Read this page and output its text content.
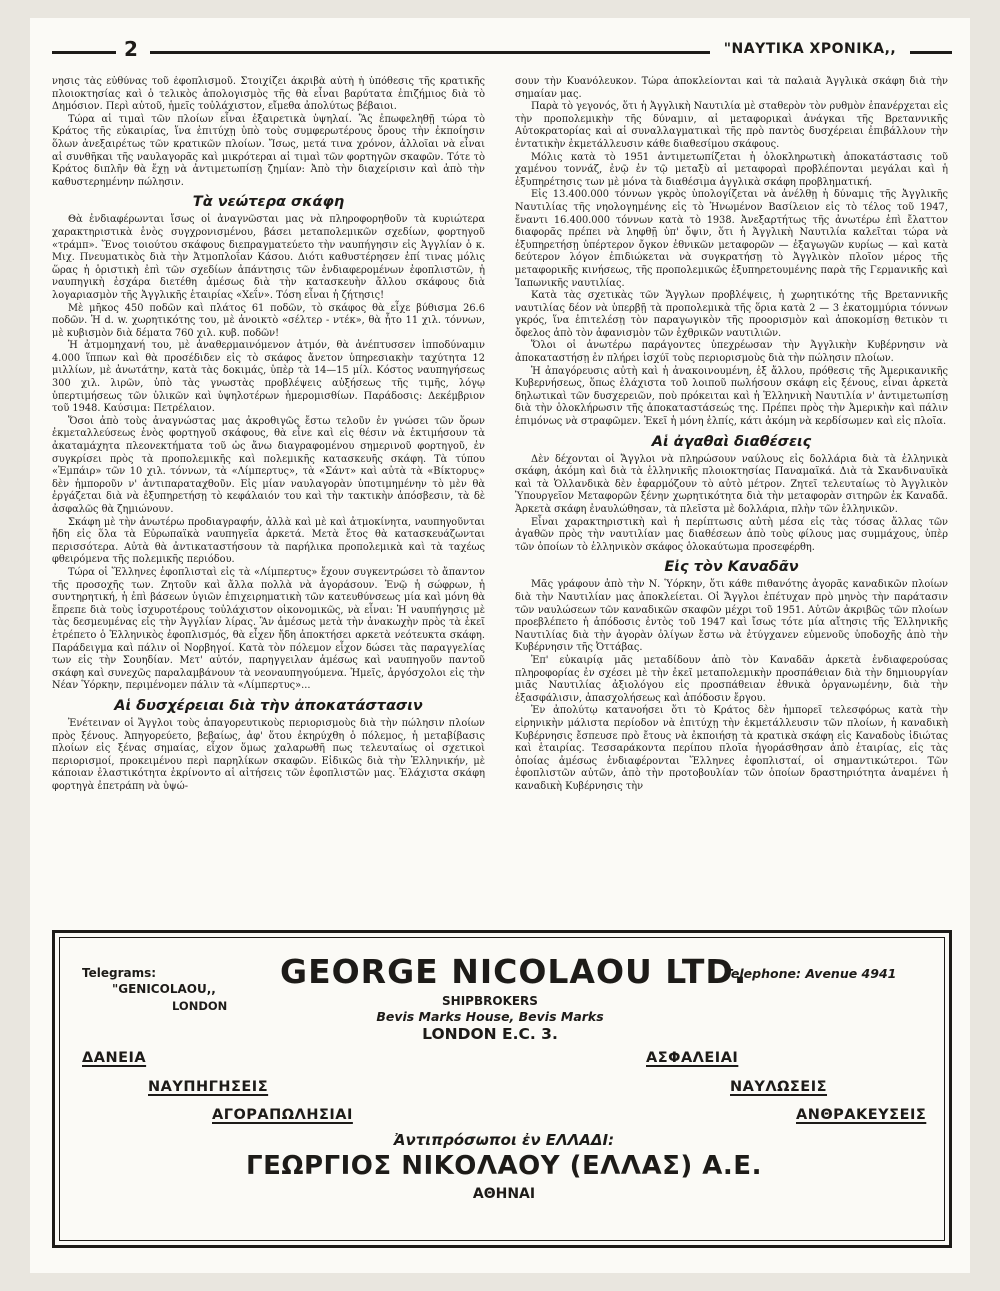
2	"ΝΑΥΤΙΚΑ ΧΡΟΝΙΚΑ,,

νησις τὰς εὐθύνας τοῦ ἐφοπλισμοῦ. Στοιχίζει ἀκριβὰ αὐτὴ ἡ ὑπόθεσις τῆς κρατικῆς πλοιοκτησίας καὶ ὁ τελικὸς ἀπολογισμὸς τῆς θὰ εἶναι βαρύτατα ἐπιζήμιος διὰ τὸ Δημόσιον. Περὶ αὐτοῦ, ἡμεῖς τοὐλάχιστον, εἴμεθα ἀπολύτως βέβαιοι.

Τώρα αἱ τιμαὶ τῶν πλοίων εἶναι ἐξαιρετικὰ ὑψηλαί. Ἂς ἐπωφεληθῇ τώρα τὸ Κράτος τῆς εὐκαιρίας, ἵνα ἐπιτύχῃ ὑπὸ τοὺς συμφερωτέρους ὅρους τὴν ἐκποίησιν ὅλων ἀνεξαιρέτως τῶν κρατικῶν πλοίων. Ἴσως, μετά τινα χρόνον, ἀλλοῖαι νὰ εἶναι αἱ συνθῆκαι τῆς ναυλαγορᾶς καὶ μικρότεραι αἱ τιμαὶ τῶν φορτηγῶν σκαφῶν. Τότε τὸ Κράτος διπλῆν θὰ ἔχῃ νὰ ἀντιμετωπίσῃ ζημίαν: Ἀπὸ τὴν διαχείρισιν καὶ ἀπὸ τὴν καθυστερημένην πώλησιν.

Τὰ νεώτερα σκάφη

Θὰ ἐνδιαφέρωνται ἴσως οἱ ἀναγνῶσται μας νὰ πληροφορηθοῦν τὰ κυριώτερα χαρακτηριστικὰ ἑνὸς συγχρονισμένου, βάσει μεταπολεμικῶν σχεδίων, φορτηγοῦ «τράμπ». Ἕνος τοιούτου σκάφους διεπραγματεύετο τὴν ναυπήγησιν εἰς Ἀγγλίαν ὁ κ. Μιχ. Πνευματικὸς διὰ τὴν Ἀτμοπλοΐαν Κάσου. Διότι καθυστέρησεν ἐπί τινας μόλις ὥρας ἡ ὁριστικὴ ἐπὶ τῶν σχεδίων ἀπάντησις τῶν ἐνδιαφερομένων ἐφοπλιστῶν, ἡ ναυπηγικὴ ἐσχάρα διετέθη ἀμέσως διὰ τὴν κατασκευὴν ἄλλου σκάφους διὰ λογαριασμὸν τῆς Ἀγγλικῆς ἑταιρίας «Χεΐν». Τόση εἶναι ἡ ζήτησις!

Μὲ μῆκος 450 ποδῶν καὶ πλάτος 61 ποδῶν, τὸ σκάφος θὰ εἶχε βύθισμα 26.6 ποδῶν. Ἡ d. w. χωρητικότης του, μὲ ἀνοικτὸ «σέλτερ - ντέκ», θὰ ἦτο 11 χιλ. τόννων, μὲ κυβισμὸν διὰ δέματα 760 χιλ. κυβ. ποδῶν!

Ἡ ἀτμομηχανή του, μὲ ἀναθερμαινόμενον ἀτμόν, θὰ ἀνέπτυσσεν ἱπποδύναμιν 4.000 ἵππων καὶ θὰ προσέδιδεν εἰς τὸ σκάφος ἄνετον ὑπηρεσιακὴν ταχύτητα 12 μιλλίων, μὲ ἀνωτάτην, κατὰ τὰς δοκιμάς, ὑπὲρ τὰ 14—15 μίλ. Κόστος ναυπηγήσεως 300 χιλ. λιρῶν, ὑπὸ τὰς γνωστὰς προβλέψεις αὐξήσεως τῆς τιμῆς, λόγῳ ὑπερτιμήσεως τῶν ὑλικῶν καὶ ὑψηλοτέρων ἡμερομισθίων. Παράδοσις: Δεκέμβριον τοῦ 1948. Καύσιμα: Πετρέλαιον.

Ὅσοι ἀπὸ τοὺς ἀναγνώστας μας ἀκροθιγῶς ἔστω τελοῦν ἐν γνώσει τῶν ὅρων ἐκμεταλλεύσεως ἑνὸς φορτηγοῦ σκάφους, θὰ εἶνε καὶ εἰς θέσιν νὰ ἐκτιμήσουν τὰ ἀκαταμάχητα πλεονεκτήματα τοῦ ὡς ἄνω διαγραφομένου σημερινοῦ φορτηγοῦ, ἐν συγκρίσει πρὸς τὰ προπολεμικῆς καὶ πολεμικῆς κατασκευῆς σκάφη. Τὰ τύπου «Ἐμπάιρ» τῶν 10 χιλ. τόννων, τὰ «Λίμπερτυς», τὰ «Σάντ» καὶ αὐτὰ τὰ «Βίκτορυς» δὲν ἠμποροῦν ν' ἀντιπαραταχθοῦν. Εἰς μίαν ναυλαγορὰν ὑποτιμημένην τὸ μὲν θὰ ἐργάζεται διὰ νὰ ἐξυπηρετήσῃ τὸ κεφάλαιόν του καὶ τὴν τακτικὴν ἀπόσβεσιν, τὰ δὲ ἀσφαλῶς θὰ ζημιώνουν.

Σκάφη μὲ τὴν ἀνωτέρω προδιαγραφήν, ἀλλὰ καὶ μὲ καὶ ἀτμοκίνητα, ναυπηγοῦνται ἤδη εἰς ὅλα τὰ Εὐρωπαϊκὰ ναυπηγεῖα ἀρκετά. Μετὰ ἔτος θὰ κατασκευάζωνται περισσότερα. Αὐτὰ θὰ ἀντικαταστήσουν τὰ παρήλικα προπολεμικὰ καὶ τὰ ταχέως φθειρόμενα τῆς πολεμικῆς περιόδου.

Τώρα οἱ Ἕλληνες ἐφοπλισταὶ εἰς τὰ «Λίμπερτυς» ἔχουν συγκεντρώσει τὸ ἄπαντον τῆς προσοχῆς των. Ζητοῦν καὶ ἄλλα πολλὰ νὰ ἀγοράσουν. Ἐνῷ ἡ σώφρων, ἡ συντηρητική, ἡ ἐπὶ βάσεων ὑγιῶν ἐπιχειρηματικὴ τῶν κατευθύνσεως μία καὶ μόνη θὰ ἔπρεπε διὰ τοὺς ἰσχυροτέρους τοὐλάχιστον οἰκονομικῶς, νὰ εἶναι: Ἡ ναυπήγησις μὲ τὰς δεσμευμένας εἰς τὴν Ἀγγλίαν λίρας. Ἂν ἀμέσως μετὰ τὴν ἀνακωχὴν πρὸς τὰ ἐκεῖ ἐτρέπετο ὁ Ἑλληνικὸς ἐφοπλισμός, θὰ εἶχεν ἤδη ἀποκτήσει αρκετὰ νεότευκτα σκάφη. Παράδειγμα καὶ πάλιν οἱ Νορβηγοί. Κατὰ τὸν πόλεμον εἶχον δώσει τὰς παραγγελίας των εἰς τὴν Σουηδίαν. Μετ' αὐτόν, παρηγγειλαν ἀμέσως καὶ ναυπηγοῦν παντοῦ σκάφη καὶ συνεχῶς παραλαμβάνουν τὰ νεοναυπηγούμενα. Ἡμεῖς, ἀργόσχολοι εἰς τὴν Νέαν Ὑόρκην, περιμένομεν πάλιν τὰ «Λίμπερτυς»...

Αἱ δυσχέρειαι διὰ τὴν ἀποκατάστασιν

Ἐνέτειναν οἱ Ἄγγλοι τοὺς ἀπαγορευτικοὺς περιορισμοὺς διὰ τὴν πώλησιν πλοίων πρὸς ξένους. Ἀπηγορεύετο, βεβαίως, ἀφ' ὅτου ἐκηρύχθη ὁ πόλεμος, ἡ μεταβίβασις πλοίων εἰς ξένας σημαίας, εἶχον ὅμως χαλαρωθῆ πως τελευταίως οἱ σχετικοὶ περιορισμοί, προκειμένου περὶ παρηλίκων σκαφῶν. Εἰδικῶς διὰ τὴν Ἑλληνικήν, μὲ κάποιαν ἐλαστικότητα ἐκρίνοντο αἱ αἰτήσεις τῶν ἐφοπλιστῶν μας. Ἐλάχιστα σκάφη φορτηγὰ ἐπετράπη νὰ ὑψώ-

σουν τὴν Κυανόλευκον. Τώρα ἀποκλείονται καὶ τὰ παλαιὰ Ἀγγλικὰ σκάφη διὰ τὴν σημαίαν μας.

Παρὰ τὸ γεγονός, ὅτι ἡ Ἀγγλικὴ Ναυτιλία μὲ σταθερὸν τὸν ρυθμὸν ἐπανέρχεται εἰς τὴν προπολεμικὴν τῆς δύναμιν, αἱ μεταφορικαὶ ἀνάγκαι τῆς Βρεταννικῆς Αὐτοκρατορίας καὶ αἱ συναλλαγματικαὶ τῆς πρὸ παντὸς δυσχέρειαι ἐπιβάλλουν τὴν ἐντατικὴν ἐκμετάλλευσιν κάθε διαθεσίμου σκάφους.

Μόλις κατὰ τὸ 1951 ἀντιμετωπίζεται ἡ ὁλοκληρωτικὴ ἀποκατάστασις τοῦ χαμένου τοννάζ, ἐνῷ ἐν τῷ μεταξὺ αἱ μεταφοραὶ προβλέπονται μεγάλαι καὶ ἡ ἐξυπηρέτησις των μὲ μόνα τὰ διαθέσιμα ἀγγλικὰ σκάφη προβληματική.

Εἰς 13.400.000 τόννων γκρὸς ὑπολογίζεται νὰ ἀνέλθῃ ἡ δύναμις τῆς Ἀγγλικῆς Ναυτιλίας τῆς νηολογημένης εἰς τὸ Ἡνωμένον Βασίλειον εἰς τὸ τέλος τοῦ 1947, ἔναντι 16.400.000 τόννων κατὰ τὸ 1938. Ἀνεξαρτήτως τῆς ἀνωτέρω ἐπὶ ἔλαττον διαφορᾶς πρέπει νὰ ληφθῇ ὑπ' ὄψιν, ὅτι ἡ Ἀγγλικὴ Ναυτιλία καλεῖται τώρα νὰ ἐξυπηρετήσῃ ὑπέρτερον ὄγκον ἐθνικῶν μεταφορῶν — ἐξαγωγῶν κυρίως — καὶ κατὰ δεύτερον λόγον ἐπιδιώκεται νὰ συγκρατήσῃ τὸ Ἀγγλικὸν πλοῖον μέρος τῆς μεταφορικῆς κινήσεως, τῆς προπολεμικῶς ἐξυπηρετουμένης παρὰ τῆς Γερμανικῆς καὶ Ἰαπωνικῆς ναυτιλίας.

Κατὰ τὰς σχετικὰς τῶν Ἄγγλων προβλέψεις, ἡ χωρητικότης τῆς Βρεταννικῆς ναυτιλίας δέον νὰ ὑπερβῇ τὰ προπολεμικὰ τῆς ὅρια κατὰ 2 — 3 ἑκατομμύρια τόννων γκρός, ἵνα ἐπιτελέσῃ τὸν παραγωγικὸν τῆς προορισμὸν καὶ ἀποκομίσῃ θετικὸν τι ὄφελος ἀπὸ τὸν ἀφανισμὸν τῶν ἐχθρικῶν ναυτιλιῶν.

Ὅλοι οἱ ἀνωτέρω παράγοντες ὑπεχρέωσαν τὴν Ἀγγλικὴν Κυβέρνησιν νὰ ἀποκαταστήσῃ ἐν πλήρει ἰσχύϊ τοὺς περιορισμοὺς διὰ τὴν πώλησιν πλοίων.

Ἡ ἀπαγόρευσις αὐτὴ καὶ ἡ ἀνακοινουμένη, ἐξ ἄλλου, πρόθεσις τῆς Ἀμερικανικῆς Κυβερνήσεως, ὅπως ἐλάχιστα τοῦ λοιποῦ πωλήσουν σκάφη εἰς ξένους, εἶναι ἀρκετὰ δηλωτικαὶ τῶν δυσχερειῶν, ποὺ πρόκειται καὶ ἡ Ἑλληνικὴ Ναυτιλία ν' ἀντιμετωπίσῃ διὰ τὴν ὁλοκλήρωσιν τῆς ἀποκαταστάσεώς της. Πρέπει πρὸς τὴν Ἀμερικὴν καὶ πάλιν ἐπιμόνως νὰ στραφῶμεν. Ἐκεῖ ἡ μόνη ἐλπίς, κάτι ἀκόμη νὰ κερδίσωμεν καὶ εἰς πλοῖα.

Αἱ ἀγαθαὶ διαθέσεις

Δὲν δέχονται οἱ Ἄγγλοι νὰ πληρώσουν ναύλους εἰς δολλάρια διὰ τὰ ἑλληνικὰ σκάφη, ἀκόμη καὶ διὰ τὰ ἑλληνικῆς πλοιοκτησίας Παναμαϊκά. Διὰ τὰ Σκανδιναυϊκὰ καὶ τὰ Ὁλλανδικὰ δὲν ἐφαρμόζουν τὸ αὐτὸ μέτρον. Ζητεῖ τελευταίως τὸ Ἀγγλικὸν Ὑπουργεῖον Μεταφορῶν ξένην χωρητικότητα διὰ τὴν μεταφορὰν σιτηρῶν ἐκ Καναδᾶ. Ἀρκετὰ σκάφη ἐναυλώθησαν, τὰ πλεῖστα μὲ δολλάρια, πλὴν τῶν ἑλληνικῶν.

Εἶναι χαρακτηριστικὴ καὶ ἡ περίπτωσις αὐτὴ μέσα εἰς τὰς τόσας ἄλλας τῶν ἀγαθῶν πρὸς τὴν ναυτιλίαν μας διαθέσεων ἀπὸ τοὺς φίλους μας συμμάχους, ὑπὲρ τῶν ὁποίων τὸ ἑλληνικὸν σκάφος ὁλοκαύτωμα προσεφέρθη.

Εἰς τὸν Καναδᾶν

Μᾶς γράφουν ἀπὸ τὴν Ν. Ὑόρκην, ὅτι κάθε πιθανότης ἀγορᾶς καναδικῶν πλοίων διὰ τὴν Ναυτιλίαν μας ἀποκλείεται. Οἱ Ἄγγλοι ἐπέτυχαν πρὸ μηνὸς τὴν παράτασιν τῶν ναυλώσεων τῶν καναδικῶν σκαφῶν μέχρι τοῦ 1951. Αὐτῶν ἀκριβῶς τῶν πλοίων προεβλέπετο ἡ ἀπόδοσις ἐντὸς τοῦ 1947 καὶ ἴσως τότε μία αἴτησις τῆς Ἑλληνικῆς Ναυτιλίας διὰ τὴν ἀγορὰν ὀλίγων ἔστω νὰ ἐτύγχανεν εὐμενοῦς ὑποδοχῆς ἀπὸ τὴν Κυβέρνησιν τῆς Ὀττάβας.

Ἐπ' εὐκαιρίᾳ μᾶς μεταδίδουν ἀπὸ τὸν Καναδᾶν ἀρκετὰ ἐνδιαφερούσας πληροφορίας ἐν σχέσει μὲ τὴν ἐκεῖ μεταπολεμικὴν προσπάθειαν διὰ τὴν δημιουργίαν μιᾶς Ναυτιλίας ἀξιολόγου εἰς προσπάθειαν ἐθνικὰ ὀργανωμένην, διὰ τὴν ἐξασφάλισιν, ἀπασχολήσεως καὶ ἀπόδοσιν ἔργου.

Ἐν ἀπολύτῳ κατανοήσει ὅτι τὸ Κράτος δὲν ἠμπορεῖ τελεσφόρως κατὰ τὴν εἰρηνικὴν μάλιστα περίοδον νὰ ἐπιτύχῃ τὴν ἐκμετάλλευσιν τῶν πλοίων, ἡ καναδικὴ Κυβέρνησις ἔσπευσε πρὸ ἔτους νὰ ἐκποιήσῃ τὰ κρατικὰ σκάφη εἰς Καναδοὺς ἰδιώτας καὶ ἑταιρίας. Τεσσαράκοντα περίπου πλοῖα ἠγοράσθησαν ἀπὸ ἑταιρίας, εἰς τὰς ὁποίας ἀμέσως ἐνδιαφέρονται Ἕλληνες ἐφοπλισταί, οἱ σημαντικώτεροι. Τῶν ἐφοπλιστῶν αὐτῶν, ἀπὸ τὴν προτοβουλίαν τῶν ὁποίων δραστηριότητα ἀναμένει ἡ καναδικὴ Κυβέρνησις τὴν

Telegrams:
"GENICOLAOU,,
LONDON
GEORGE NICOLAOU LTD.
SHIPBROKERS
Bevis Marks House, Bevis Marks
LONDON E.C. 3.
Telephone: Avenue 4941
ΔΑΝΕΙΑ
ΝΑΥΠΗΓΗΣΕΙΣ
ΑΓΟΡΑΠΩΛΗΣΙΑΙ
ΑΣΦΑΛΕΙΑΙ
ΝΑΥΛΩΣΕΙΣ
ΑΝΘΡΑΚΕΥΣΕΙΣ
Ἀντιπρόσωποι ἐν ΕΛΛΑΔΙ:
ΓΕΩΡΓΙΟΣ ΝΙΚΟΛΑΟΥ (ΕΛΛΑΣ) Α.Ε.
ΑΘΗΝΑΙ
